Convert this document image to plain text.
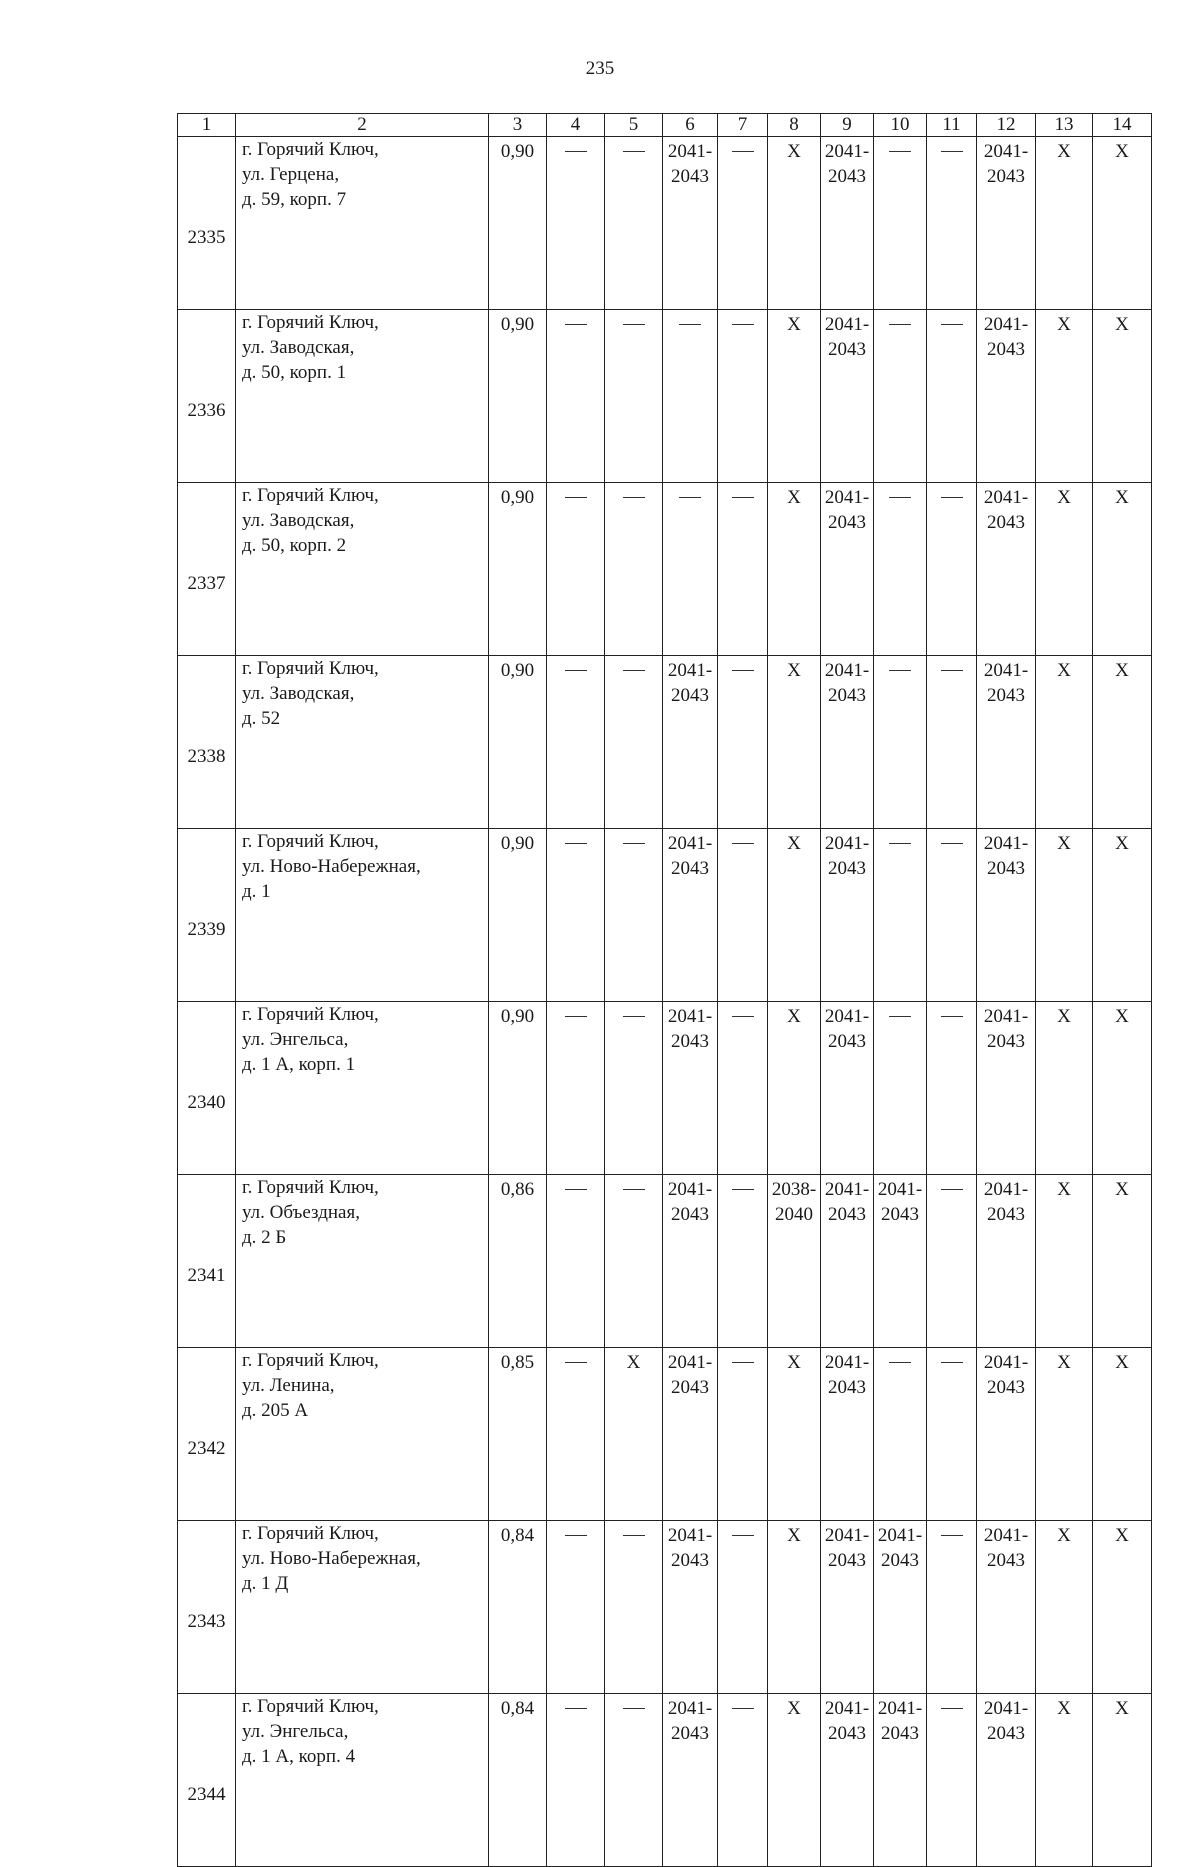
235
1	2	3	4	5	6	7	8	9	10	11	12	13	14
2335	г. Горячий Ключ,
ул. Герцена,
д. 59, корп. 7	0,90			2041-
2043		X	2041-
2043			2041-
2043	X	X

2336	г. Горячий Ключ,
ул. Заводская,
д. 50, корп. 1	0,90					X	2041-
2043			2041-
2043	X	X

2337	г. Горячий Ключ,
ул. Заводская,
д. 50, корп. 2	0,90					X	2041-
2043			2041-
2043	X	X

2338	г. Горячий Ключ,
ул. Заводская,
д. 52	0,90			2041-
2043		X	2041-
2043			2041-
2043	X	X

2339	г. Горячий Ключ,
ул. Ново-Набережная,
д. 1	0,90			2041-
2043		X	2041-
2043			2041-
2043	X	X

2340	г. Горячий Ключ,
ул. Энгельса,
д. 1 А, корп. 1	0,90			2041-
2043		X	2041-
2043			2041-
2043	X	X

2341	г. Горячий Ключ,
ул. Объездная,
д. 2 Б	0,86			2041-
2043		2038-
2040	2041-
2043	2041-
2043		2041-
2043	X	X

2342	г. Горячий Ключ,
ул. Ленина,
д. 205 А	0,85		X	2041-
2043		X	2041-
2043			2041-
2043	X	X

2343	г. Горячий Ключ,
ул. Ново-Набережная,
д. 1 Д	0,84			2041-
2043		X	2041-
2043	2041-
2043		2041-
2043	X	X

2344	г. Горячий Ключ,
ул. Энгельса,
д. 1 А, корп. 4	0,84			2041-
2043		X	2041-
2043	2041-
2043		2041-
2043	X	X
